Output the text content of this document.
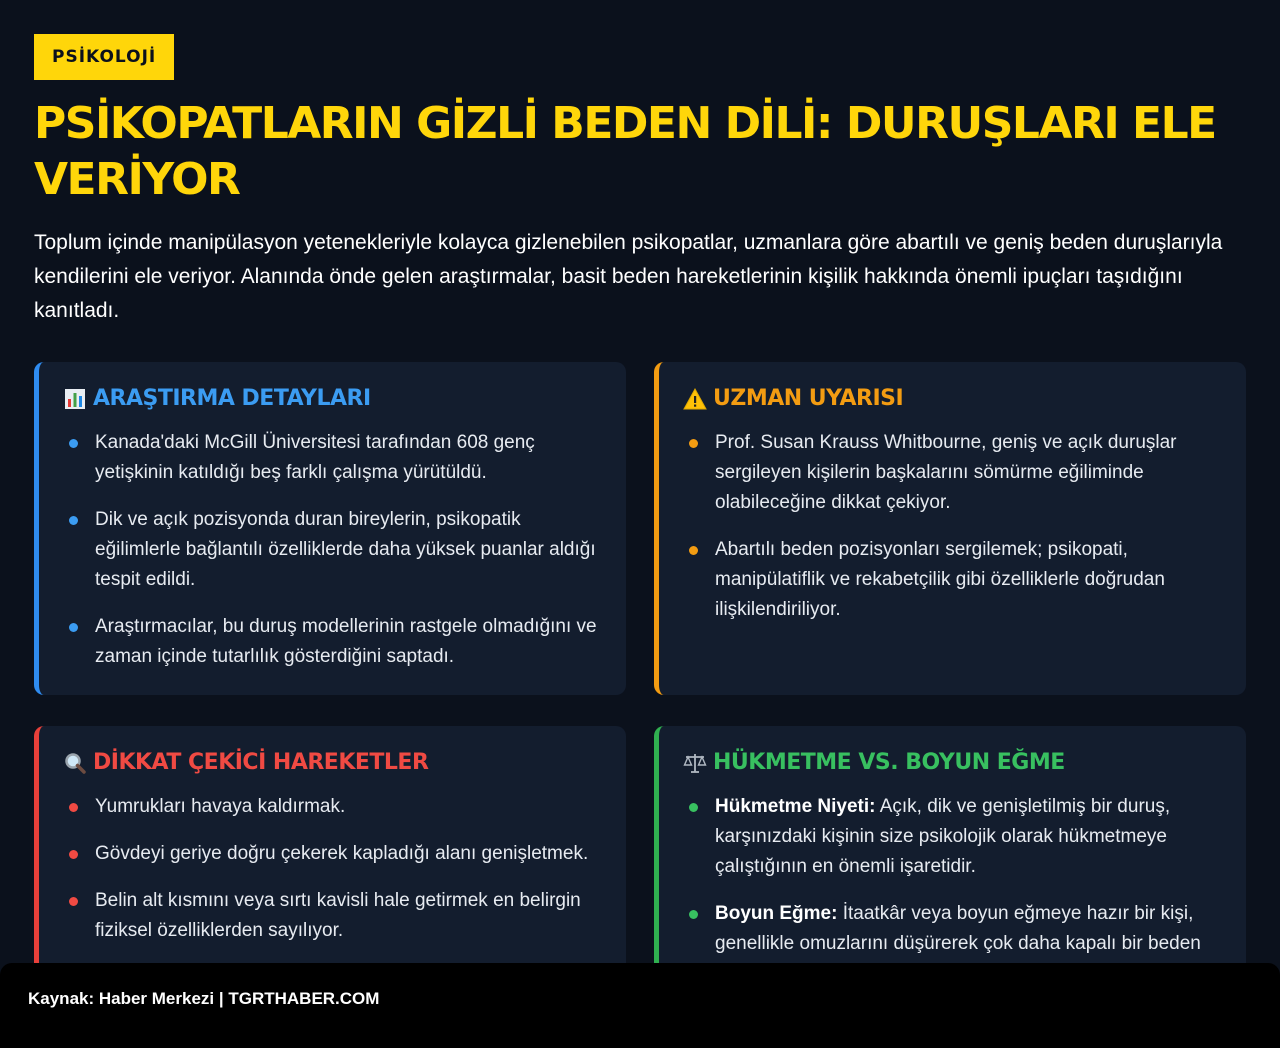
PSİKOLOJİ
PSİKOPATLARIN GİZLİ BEDEN DİLİ: DURUŞLARI ELE VERİYOR

Toplum içinde manipülasyon yetenekleriyle kolayca gizlenebilen psikopatlar, uzmanlara göre abartılı ve geniş beden duruşlarıyla kendilerini ele veriyor. Alanında önde gelen araştırmalar, basit beden hareketlerinin kişilik hakkında önemli ipuçları taşıdığını kanıtladı.

ARAŞTIRMA DETAYLARI
Kanada'daki McGill Üniversitesi tarafından 608 genç yetişkinin katıldığı beş farklı çalışma yürütüldü.
Dik ve açık pozisyonda duran bireylerin, psikopatik eğilimlerle bağlantılı özelliklerde daha yüksek puanlar aldığı tespit edildi.
Araştırmacılar, bu duruş modellerinin rastgele olmadığını ve zaman içinde tutarlılık gösterdiğini saptadı.
UZMAN UYARISI
Prof. Susan Krauss Whitbourne, geniş ve açık duruşlar sergileyen kişilerin başkalarını sömürme eğiliminde olabileceğine dikkat çekiyor.
Abartılı beden pozisyonları sergilemek; psikopati, manipülatiflik ve rekabetçilik gibi özelliklerle doğrudan ilişkilendiriliyor.
DİKKAT ÇEKİCİ HAREKETLER
Yumrukları havaya kaldırmak.
Gövdeyi geriye doğru çekerek kapladığı alanı genişletmek.
Belin alt kısmını veya sırtı kavisli hale getirmek en belirgin fiziksel özelliklerden sayılıyor.
HÜKMETME VS. BOYUN EĞME
Hükmetme Niyeti: Açık, dik ve genişletilmiş bir duruş, karşınızdaki kişinin size psikolojik olarak hükmetmeye çalıştığının en önemli işaretidir.
Boyun Eğme: İtaatkâr veya boyun eğmeye hazır bir kişi, genellikle omuzlarını düşürerek çok daha kapalı bir beden
Kaynak: Haber Merkezi | TGRTHABER.COM
